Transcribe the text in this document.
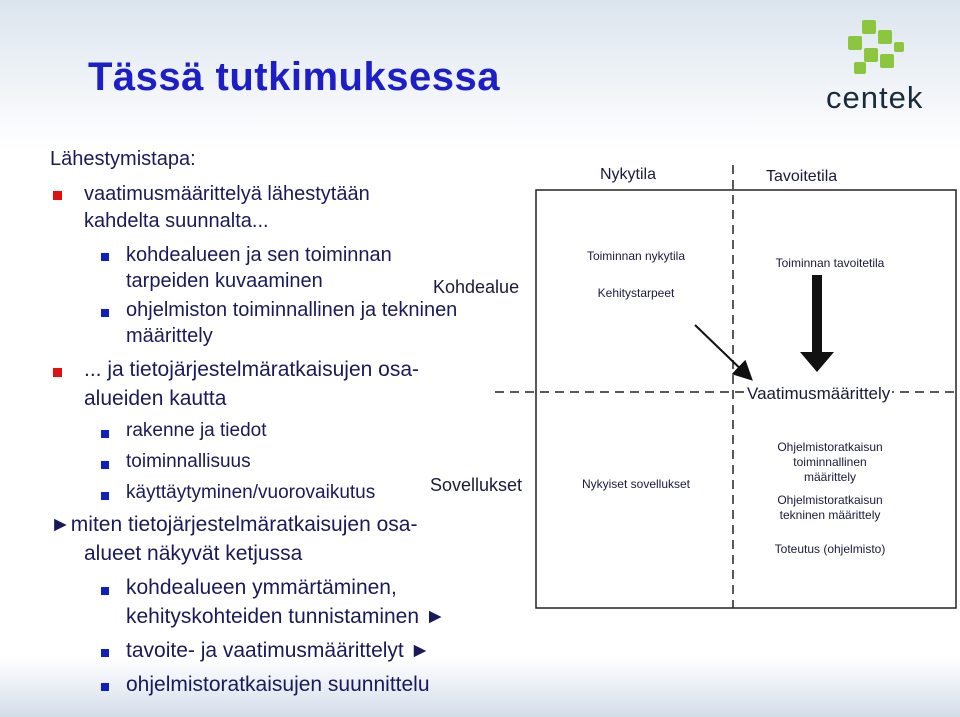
Tässä tutkimuksessa	centek
Lähestymistapa:
vaatimusmäärittelyä lähestytään
kahdelta suunnalta...
kohdealueen ja sen toiminnan
tarpeiden kuvaaminen
ohjelmiston toiminnallinen ja tekninen
määrittely
... ja tietojärjestelmäratkaisujen osa-
alueiden kautta
rakenne ja tiedot
toiminnallisuus
käyttäytyminen/vuorovaikutus
►miten tietojärjestelmäratkaisujen osa-
alueet näkyvät ketjussa
kohdealueen ymmärtäminen,
kehityskohteiden tunnistaminen ►
tavoite- ja vaatimusmäärittelyt ►
ohjelmistoratkaisujen suunnittelu
Kohdealue
Sovellukset
Nykytila	Tavoitetila
Toiminnan nykytila
Kehitystarpeet
Toiminnan tavoitetila
Vaatimusmäärittely
Nykyiset sovellukset
Ohjelmistoratkaisun
toiminnallinen
määrittely
Ohjelmistoratkaisun
tekninen määrittely
Toteutus (ohjelmisto)
